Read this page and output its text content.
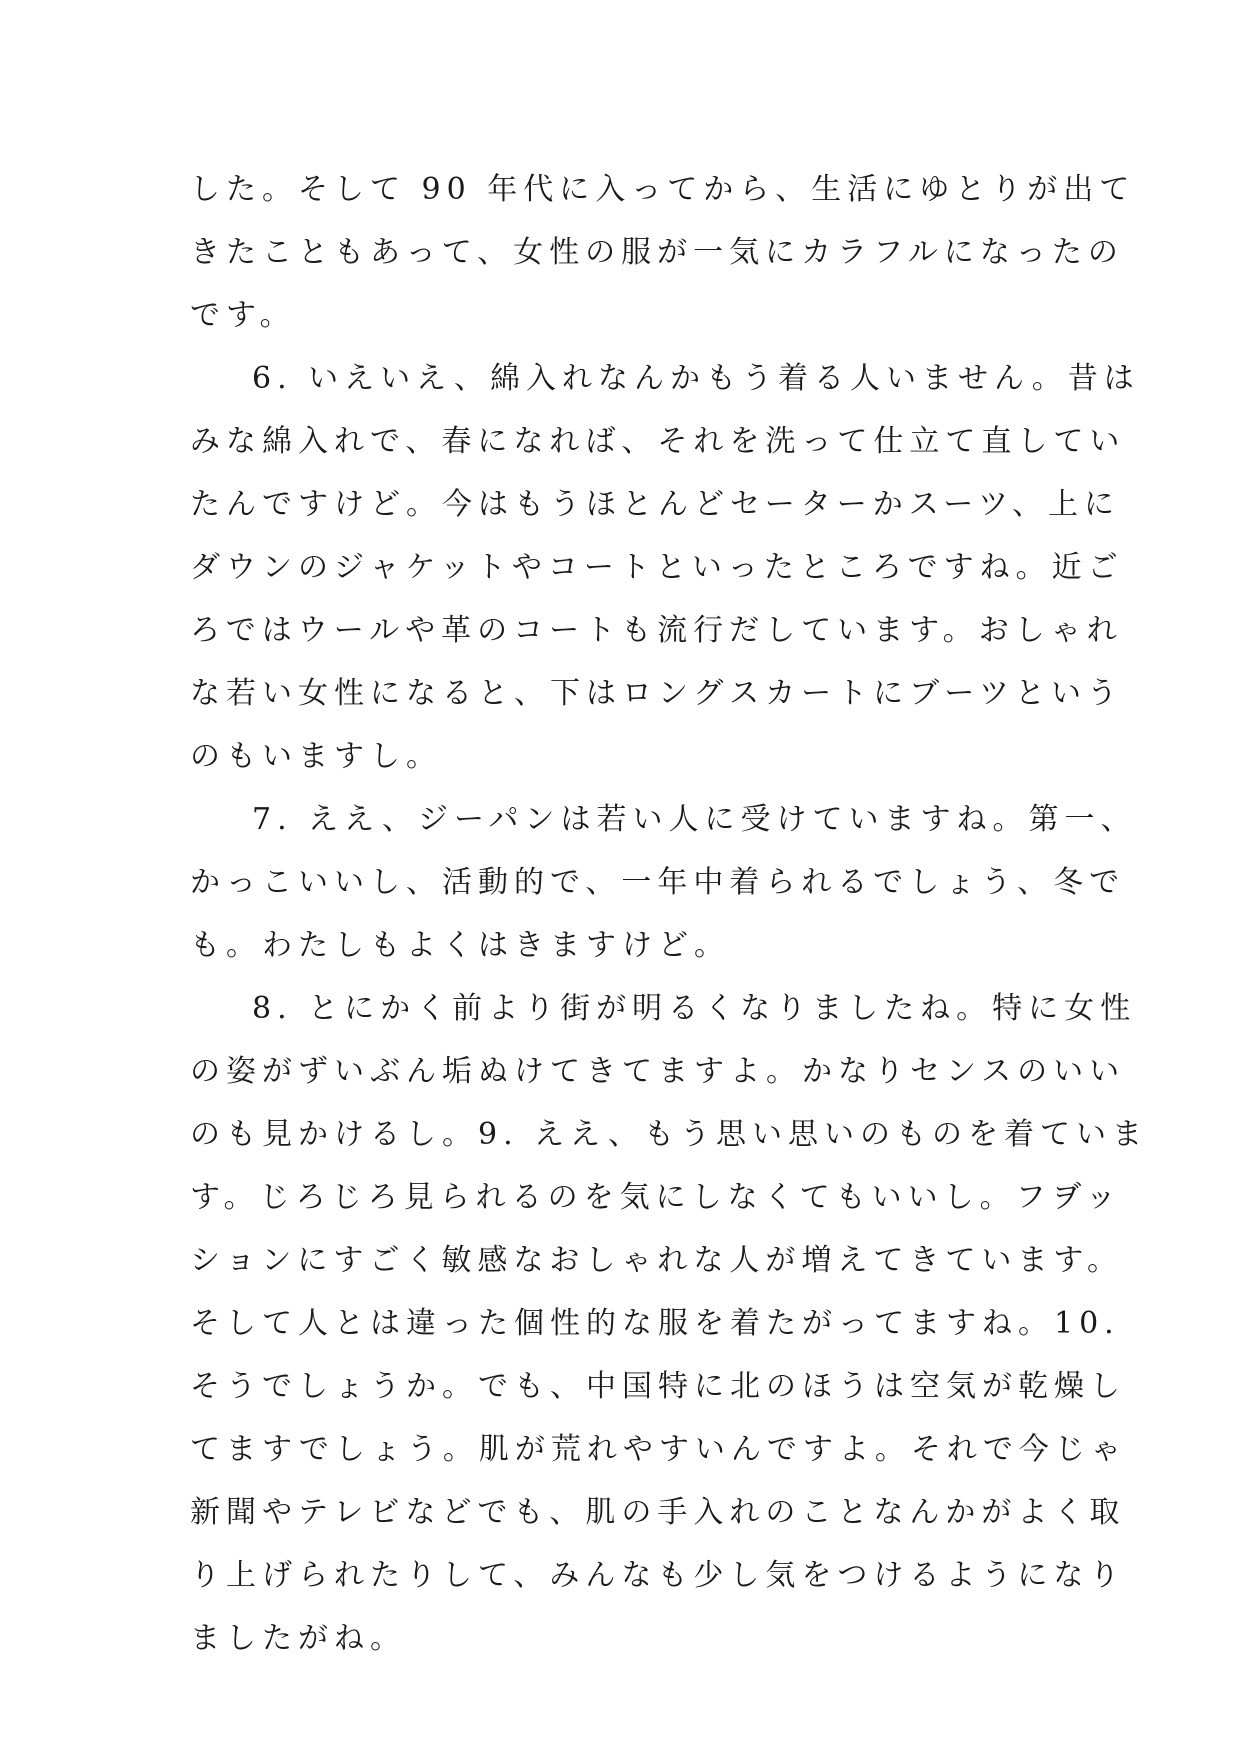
した。そして 90 年代に入ってから、生活にゆとりが出て
きたこともあって、女性の服が一気にカラフルになったの
です。
6. いえいえ、綿入れなんかもう着る人いません。昔は
みな綿入れで、春になれば、それを洗って仕立て直してい
たんですけど。今はもうほとんどセーターかスーツ、上に
ダウンのジャケットやコートといったところですね。近ご
ろではウールや革のコートも流行だしています。おしゃれ
な若い女性になると、下はロングスカートにブーツという
のもいますし。
7. ええ、ジーパンは若い人に受けていますね。第一、
かっこいいし、活動的で、一年中着られるでしょう、冬で
も。わたしもよくはきますけど。
8. とにかく前より街が明るくなりましたね。特に女性
の姿がずいぶん垢ぬけてきてますよ。かなりセンスのいい
のも見かけるし。9. ええ、もう思い思いのものを着ていま
す。じろじろ見られるのを気にしなくてもいいし。フヺッ
ションにすごく敏感なおしゃれな人が増えてきています。
そして人とは違った個性的な服を着たがってますね。10.
そうでしょうか。でも、中国特に北のほうは空気が乾燥し
てますでしょう。肌が荒れやすいんですよ。それで今じゃ
新聞やテレビなどでも、肌の手入れのことなんかがよく取
り上げられたりして、みんなも少し気をつけるようになり
ましたがね。
